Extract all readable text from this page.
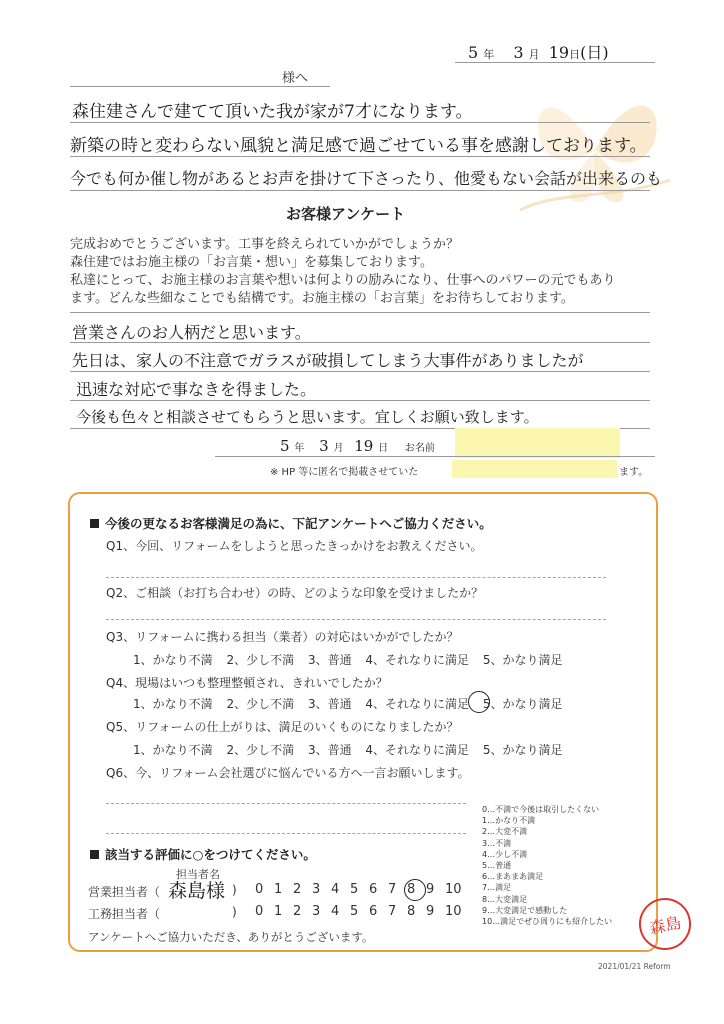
5 年 3 月 19日(日)
様へ
森住建さんで建てて頂いた我が家が7才になります。
新築の時と変わらない風貌と満足感で過ごせている事を感謝しております。
今でも何か催し物があるとお声を掛けて下さったり、他愛もない会話が出来るのも
お客様アンケート
完成おめでとうございます。工事を終えられていかがでしょうか？
森住建ではお施主様の「お言葉・想い」を募集しております。
私達にとって、お施主様のお言葉や想いは何よりの励みになり、仕事へのパワーの元でもあり
ます。どんな些細なことでも結構です。お施主様の「お言葉」をお待ちしております。
営業さんのお人柄だと思います。
先日は、家人の不注意でガラスが破損してしまう大事件がありましたが
迅速な対応で事なきを得ました。
今後も色々と相談させてもらうと思います。宜しくお願い致します。
5 年 3 月 19 日 お名前
※ HP 等に匿名で掲載させていた	ます。
今後の更なるお客様満足の為に、下記アンケートへご協力ください。
Q1、今回、リフォームをしようと思ったきっかけをお教えください。
Q2、ご相談（お打ち合わせ）の時、どのような印象を受けましたか？
Q3、リフォームに携わる担当（業者）の対応はいかがでしたか？
1、かなり不満 2、少し不満 3、普通 4、それなりに満足 5、かなり満足
Q4、現場はいつも整理整頓され、きれいでしたか？
1、かなり不満 2、少し不満 3、普通 4、それなりに満足 5、かなり満足
Q5、リフォームの仕上がりは、満足のいくものになりましたか？
1、かなり不満 2、少し不満 3、普通 4、それなりに満足 5、かなり満足
Q6、今、リフォーム会社選びに悩んでいる方へ一言お願いします。
0…不満で今後は取引したくない
1…かなり不満
2…大変不満
3…不満
4…少し不満
5…普通
6…まあまあ満足
7…満足
8…大変満足
9…大変満足で感動した
10…満足でぜひ周りにも紹介したい
該当する評価に○をつけてください。
担当者名
営業担当者（ 森島様 ) 0 1 2 3 4 5 6 7 8 9 10
工務担当者（	) 0 1 2 3 4 5 6 7 8 9 10
アンケートへご協力いただき、ありがとうございます。	森島
2021/01/21 Reform
